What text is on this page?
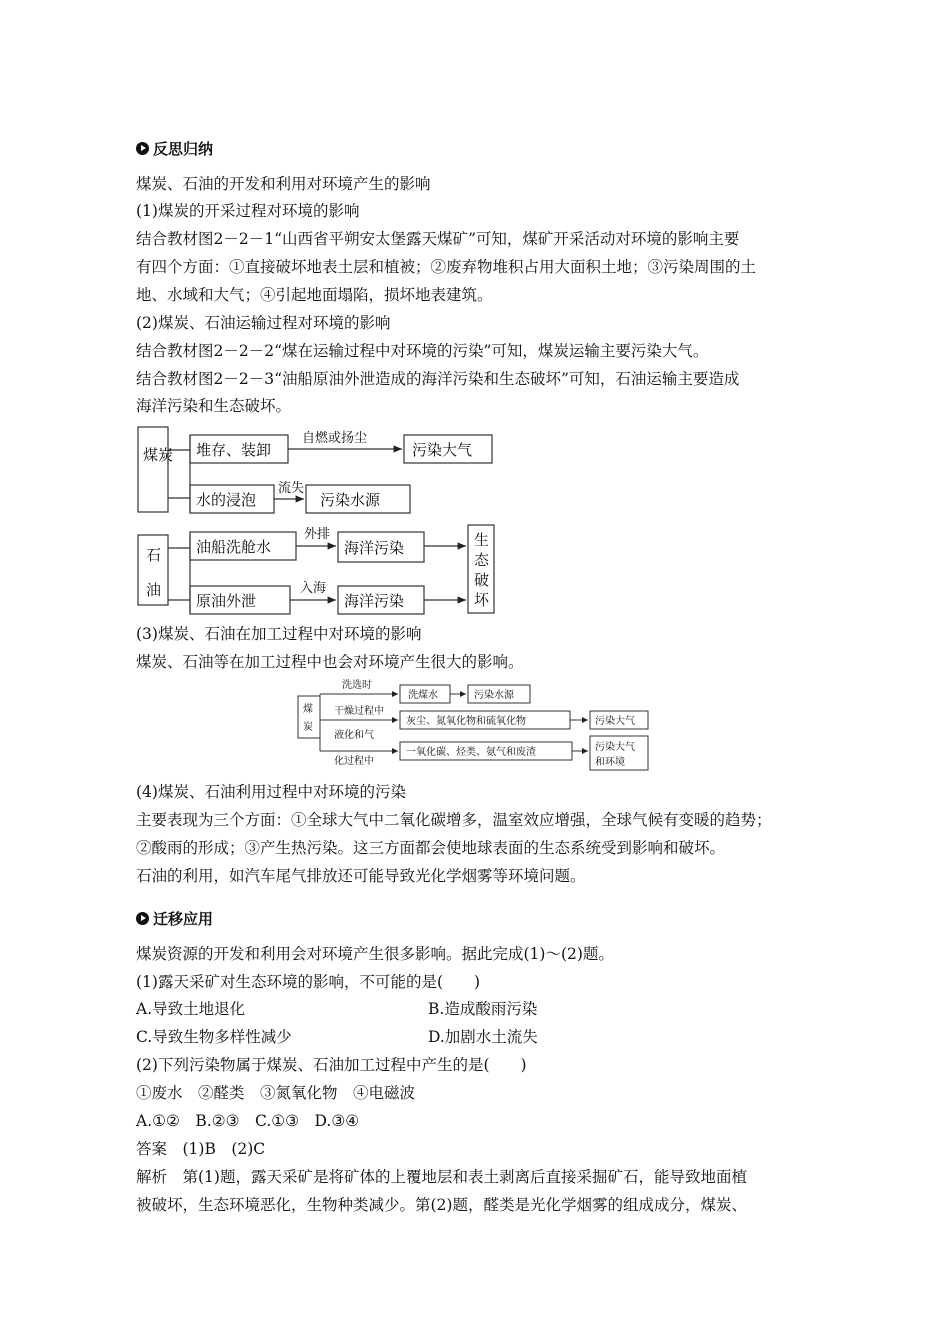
反思归纳
煤炭、石油的开发和利用对环境产生的影响
(1)煤炭的开采过程对环境的影响
结合教材图2－2－1“山西省平朔安太堡露天煤矿”可知，煤矿开采活动对环境的影响主要
有四个方面：①直接破坏地表土层和植被；②废弃物堆积占用大面积土地；③污染周围的土
地、水域和大气；④引起地面塌陷，损坏地表建筑。
(2)煤炭、石油运输过程对环境的影响
结合教材图2－2－2“煤在运输过程中对环境的污染”可知，煤炭运输主要污染大气。
结合教材图2－2－3“油船原油外泄造成的海洋污染和生态破坏”可知，石油运输主要造成
海洋污染和生态破坏。
煤炭
石
油
堆存、装卸
水的浸泡
污染大气
污染水源
油船洗舱水
原油外泄
海洋污染
海洋污染
生
态
破
坏
自燃或扬尘
流失
外排
入海
(3)煤炭、石油在加工过程中对环境的影响
煤炭、石油等在加工过程中也会对环境产生很大的影响。
煤
炭
洗选时
干燥过程中
液化和气
化过程中
洗煤水
灰尘、氮氧化物和硫氧化物
一氧化碳、烃类、氨气和废渣
污染水源
污染大气
污染大气
和环境
(4)煤炭、石油利用过程中对环境的污染
主要表现为三个方面：①全球大气中二氧化碳增多，温室效应增强，全球气候有变暖的趋势；
②酸雨的形成；③产生热污染。这三方面都会使地球表面的生态系统受到影响和破坏。
石油的利用，如汽车尾气排放还可能导致光化学烟雾等环境问题。
迁移应用
煤炭资源的开发和利用会对环境产生很多影响。据此完成(1)～(2)题。
(1)露天采矿对生态环境的影响，不可能的是(　　)
A.导致土地退化	B.造成酸雨污染
C.导致生物多样性减少	D.加剧水土流失
(2)下列污染物属于煤炭、石油加工过程中产生的是(　　)
①废水　②醛类　③氮氧化物　④电磁波
A.①②　B.②③　C.①③　D.③④
答案　(1)B　(2)C
解析　第(1)题，露天采矿是将矿体的上覆地层和表土剥离后直接采掘矿石，能导致地面植
被破坏，生态环境恶化，生物种类减少。第(2)题，醛类是光化学烟雾的组成成分，煤炭、
